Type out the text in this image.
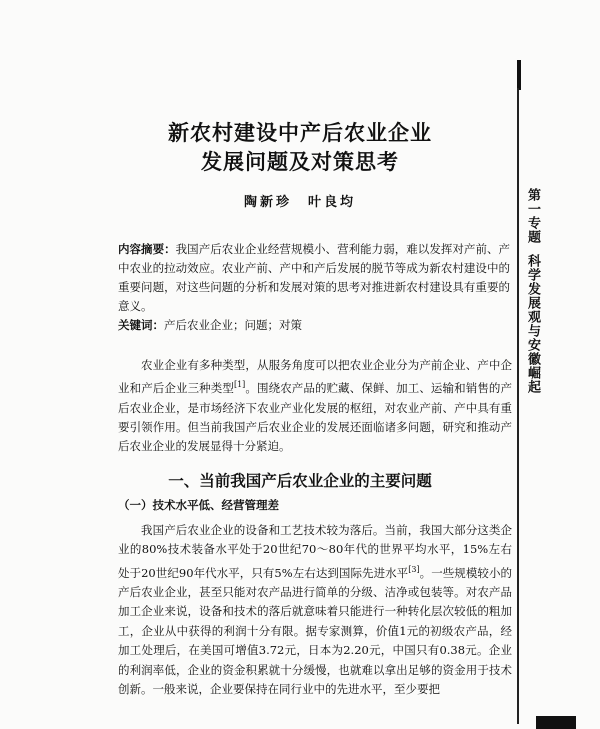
第一专题科学发展观与安徽崛起
新农村建设中产后农业企业
发展问题及对策思考
陶新珍　叶良均
内容摘要：我国产后农业企业经营规模小、营利能力弱，难以发挥对产前、产中农业的拉动效应。农业产前、产中和产后发展的脱节等成为新农村建设中的重要问题，对这些问题的分析和发展对策的思考对推进新农村建设具有重要的意义。
关键词：产后农业企业；问题；对策
农业企业有多种类型，从服务角度可以把农业企业分为产前企业、产中企业和产后企业三种类型[1]。围绕农产品的贮藏、保鲜、加工、运输和销售的产后农业企业，是市场经济下农业产业化发展的枢纽，对农业产前、产中具有重要引领作用。但当前我国产后农业企业的发展还面临诸多问题，研究和推动产后农业企业的发展显得十分紧迫。
一、当前我国产后农业企业的主要问题
（一）技术水平低、经营管理差
我国产后农业企业的设备和工艺技术较为落后。当前，我国大部分这类企业的80%技术装备水平处于20世纪70～80年代的世界平均水平，15%左右处于20世纪90年代水平，只有5%左右达到国际先进水平[3]。一些规模较小的产后农业企业，甚至只能对农产品进行简单的分级、洁净或包装等。对农产品加工企业来说，设备和技术的落后就意味着只能进行一种转化层次较低的粗加工，企业从中获得的利润十分有限。据专家测算，价值1元的初级农产品，经加工处理后，在美国可增值3.72元，日本为2.20元，中国只有0.38元。企业的利润率低，企业的资金积累就十分缓慢，也就难以拿出足够的资金用于技术创新。一般来说，企业要保持在同行业中的先进水平，至少要把
